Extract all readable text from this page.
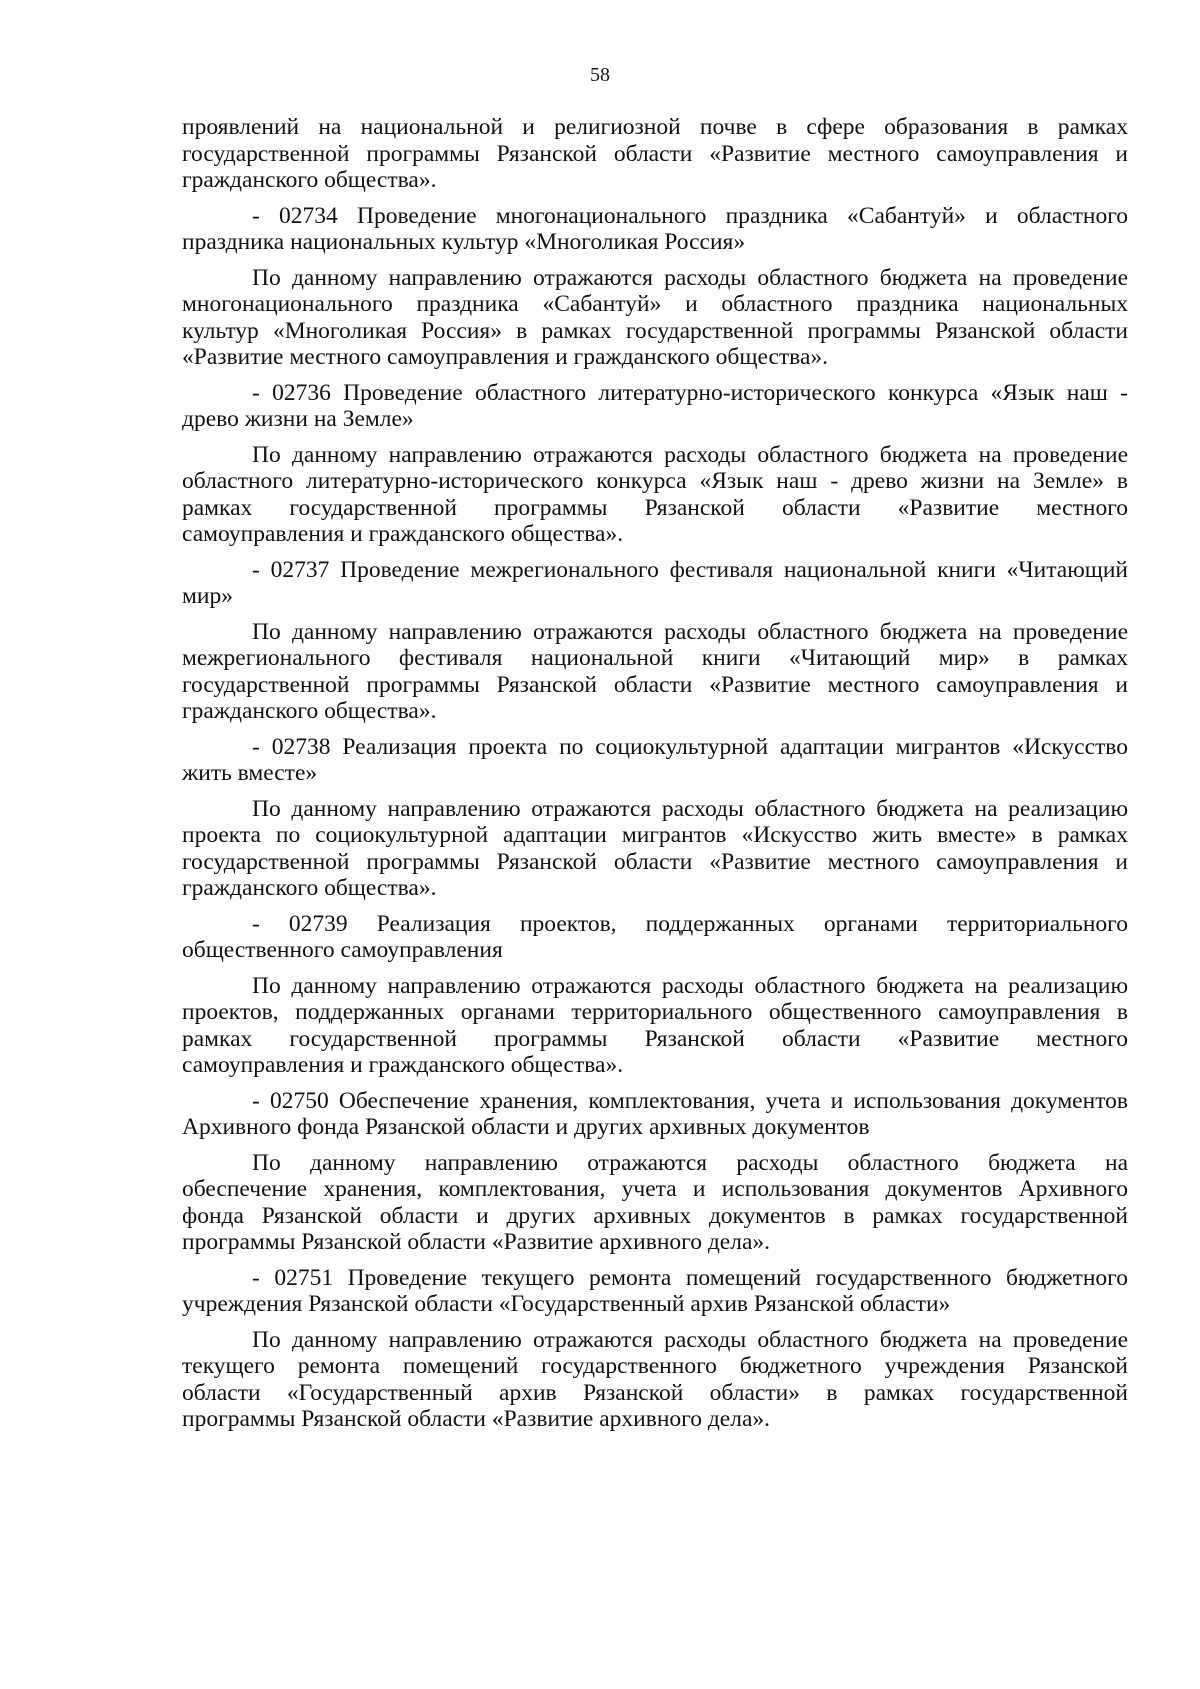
58
проявлений на национальной и религиозной почве в сфере образования в рамках
государственной программы Рязанской области «Развитие местного самоуправления и
гражданского общества».
- 02734 Проведение многонационального праздника «Сабантуй» и областного
праздника национальных культур «Многоликая Россия»
По данному направлению отражаются расходы областного бюджета на проведение
многонационального праздника «Сабантуй» и областного праздника национальных
культур «Многоликая Россия» в рамках государственной программы Рязанской области
«Развитие местного самоуправления и гражданского общества».
- 02736 Проведение областного литературно-исторического конкурса «Язык наш -
древо жизни на Земле»
По данному направлению отражаются расходы областного бюджета на проведение
областного литературно-исторического конкурса «Язык наш - древо жизни на Земле» в
рамках государственной программы Рязанской области «Развитие местного
самоуправления и гражданского общества».
- 02737 Проведение межрегионального фестиваля национальной книги «Читающий
мир»
По данному направлению отражаются расходы областного бюджета на проведение
межрегионального фестиваля национальной книги «Читающий мир» в рамках
государственной программы Рязанской области «Развитие местного самоуправления и
гражданского общества».
- 02738 Реализация проекта по социокультурной адаптации мигрантов «Искусство
жить вместе»
По данному направлению отражаются расходы областного бюджета на реализацию
проекта по социокультурной адаптации мигрантов «Искусство жить вместе» в рамках
государственной программы Рязанской области «Развитие местного самоуправления и
гражданского общества».
- 02739 Реализация проектов, поддержанных органами территориального
общественного самоуправления
По данному направлению отражаются расходы областного бюджета на реализацию
проектов, поддержанных органами территориального общественного самоуправления в
рамках государственной программы Рязанской области «Развитие местного
самоуправления и гражданского общества».
- 02750 Обеспечение хранения, комплектования, учета и использования документов
Архивного фонда Рязанской области и других архивных документов
По данному направлению отражаются расходы областного бюджета на
обеспечение хранения, комплектования, учета и использования документов Архивного
фонда Рязанской области и других архивных документов в рамках государственной
программы Рязанской области «Развитие архивного дела».
- 02751 Проведение текущего ремонта помещений государственного бюджетного
учреждения Рязанской области «Государственный архив Рязанской области»
По данному направлению отражаются расходы областного бюджета на проведение
текущего ремонта помещений государственного бюджетного учреждения Рязанской
области «Государственный архив Рязанской области» в рамках государственной
программы Рязанской области «Развитие архивного дела».
